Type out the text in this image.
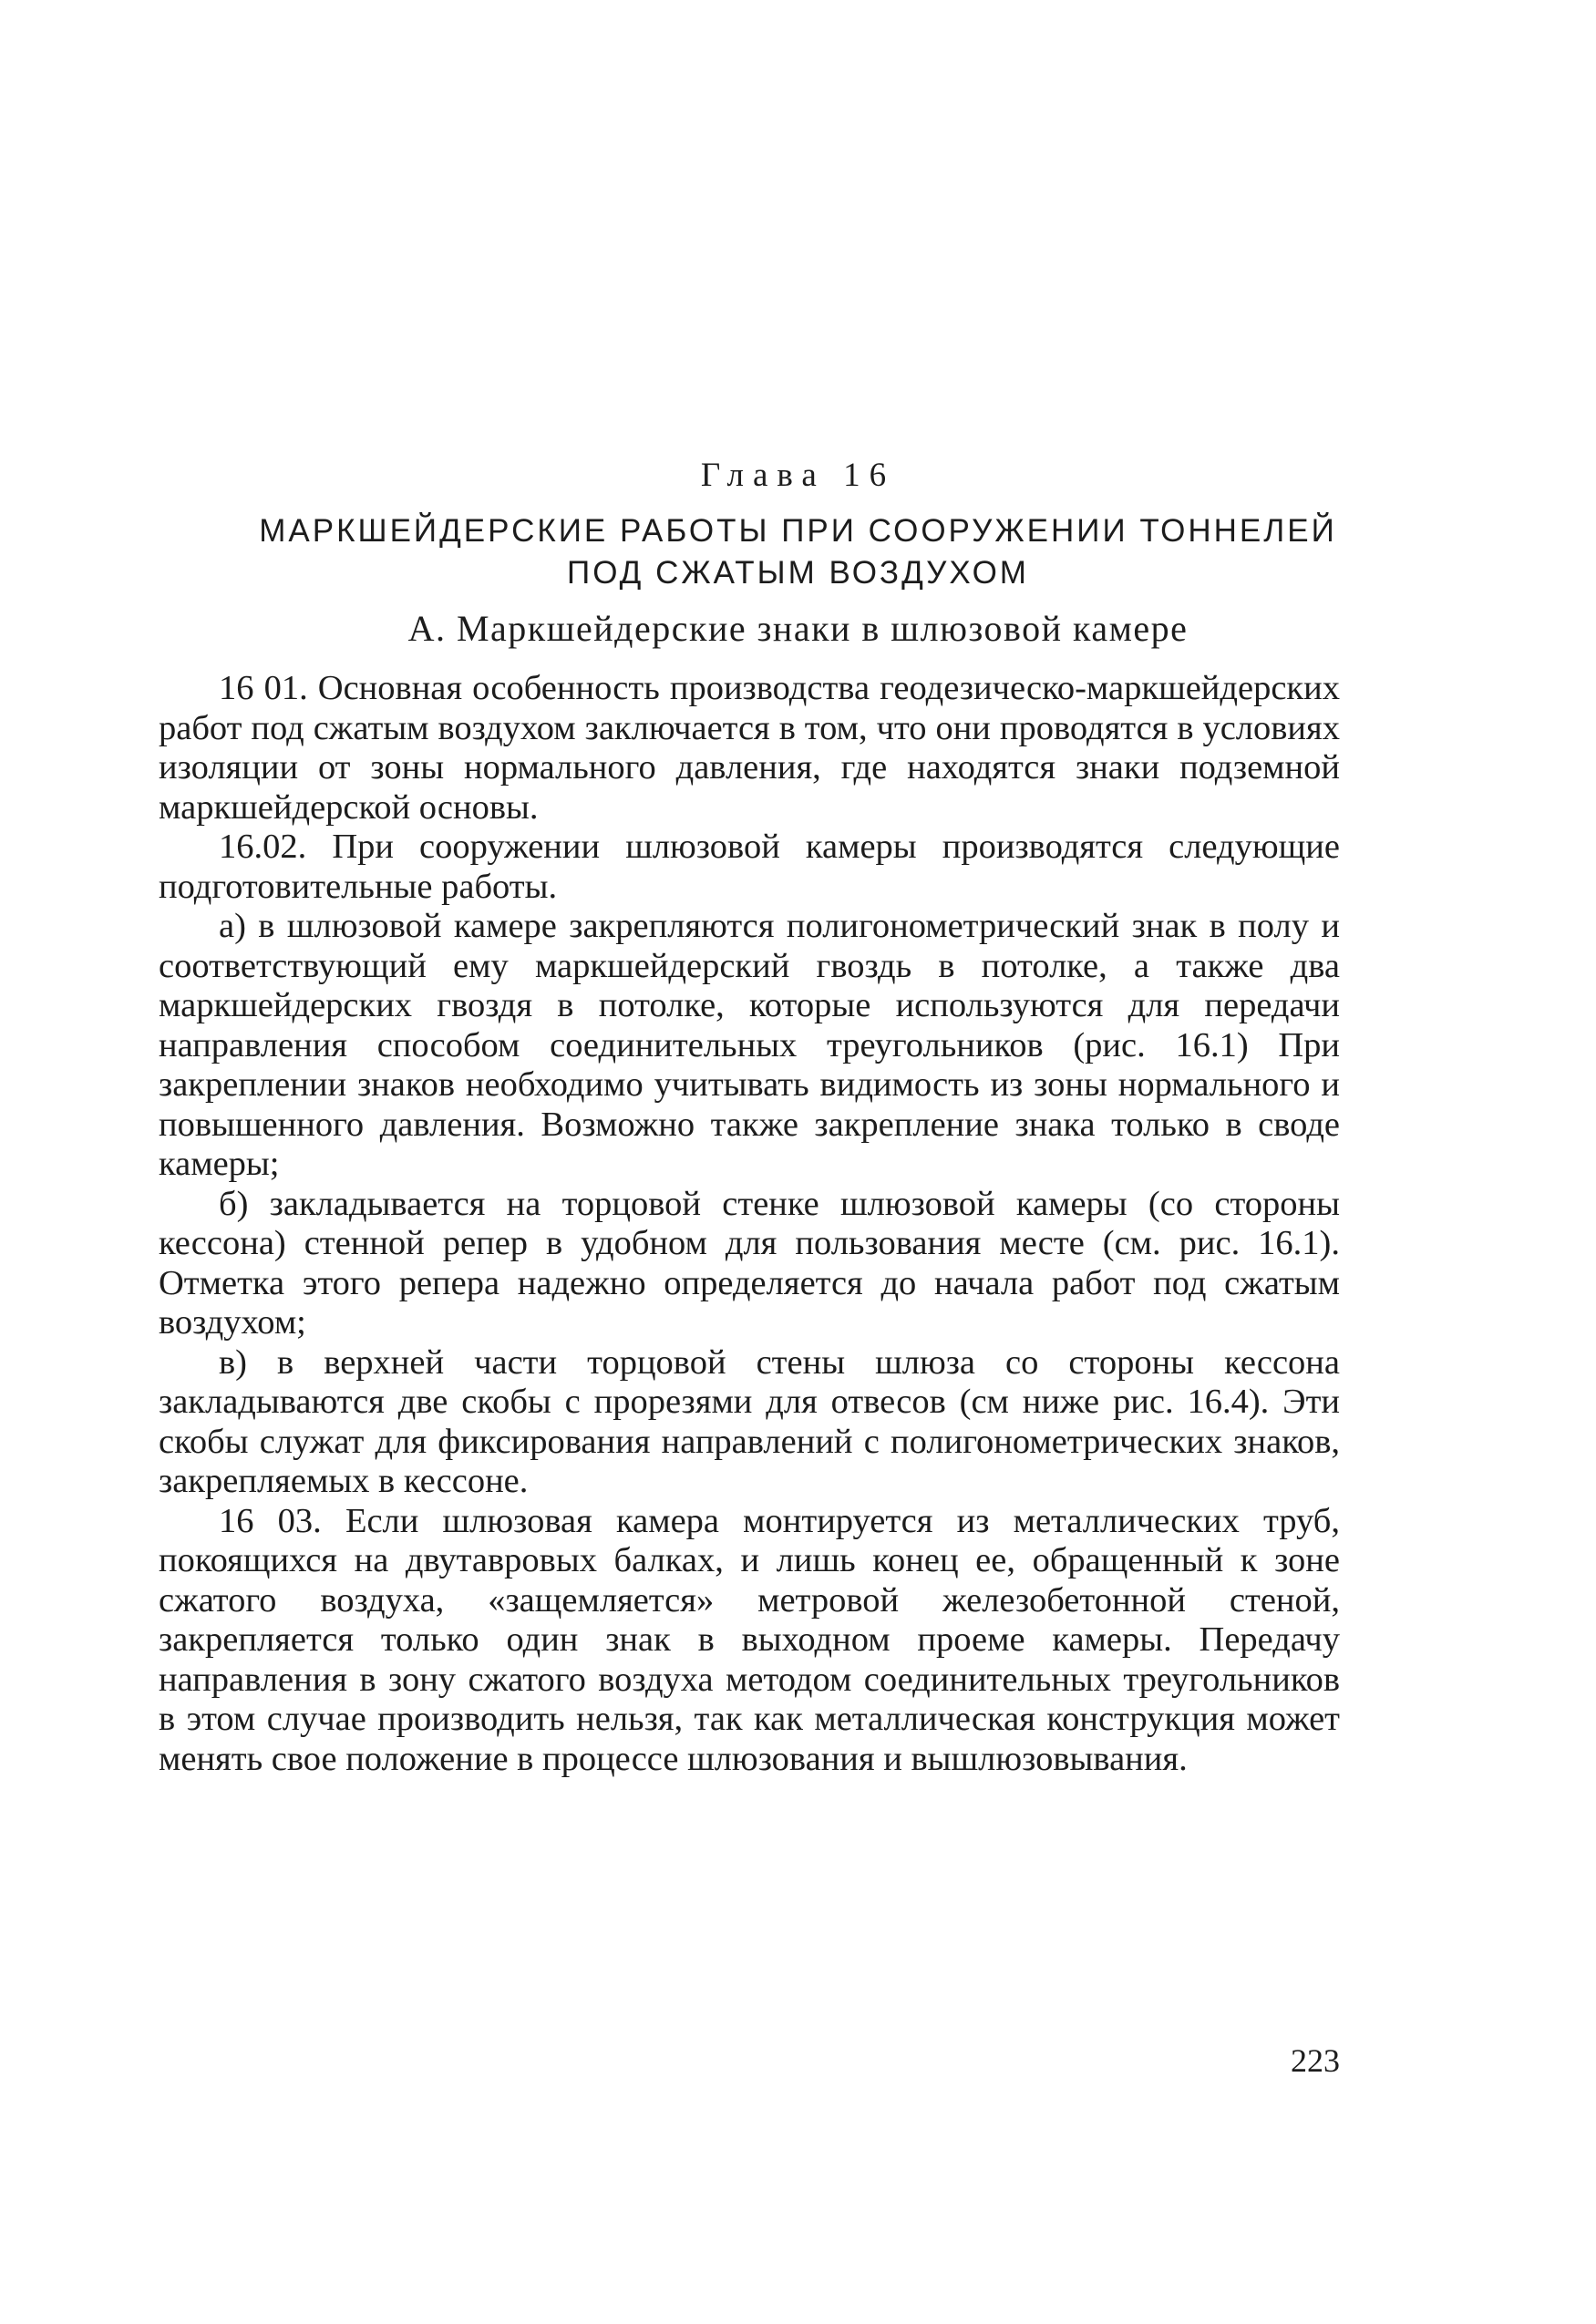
Глава 16
МАРКШЕЙДЕРСКИЕ РАБОТЫ ПРИ СООРУЖЕНИИ ТОННЕЛЕЙ
ПОД СЖАТЫМ ВОЗДУХОМ
А. Маркшейдерские знаки в шлюзовой камере

16 01. Основная особенность производства геодезическо-маркшейдерских работ под сжатым воздухом заключается в том, что они проводятся в условиях изоляции от зоны нормального давления, где находятся знаки подземной маркшейдерской основы.

16.02. При сооружении шлюзовой камеры производятся следующие подготовительные работы.

а) в шлюзовой камере закрепляются полигонометрический знак в полу и соответствующий ему маркшейдерский гвоздь в потолке, а также два маркшейдерских гвоздя в потолке, которые используются для передачи направления способом соединительных треугольников (рис. 16.1) При закреплении знаков необходимо учитывать видимость из зоны нормального и повышенного давления. Возможно также закрепление знака только в своде камеры;

б) закладывается на торцовой стенке шлюзовой камеры (со стороны кессона) стенной репер в удобном для пользования месте (см. рис. 16.1). Отметка этого репера надежно определяется до начала работ под сжатым воздухом;

в) в верхней части торцовой стены шлюза со стороны кессона закладываются две скобы с прорезями для отвесов (см ниже рис. 16.4). Эти скобы служат для фиксирования направлений с полигонометрических знаков, закрепляемых в кессоне.

16 03. Если шлюзовая камера монтируется из металлических труб, покоящихся на двутавровых балках, и лишь конец ее, обращенный к зоне сжатого воздуха, «защемляется» метровой железобетонной стеной, закрепляется только один знак в выходном проеме камеры. Передачу направления в зону сжатого воздуха методом соединительных треугольников в этом случае производить нельзя, так как металлическая конструкция может менять свое положение в процессе шлюзования и вышлюзовывания.

223
